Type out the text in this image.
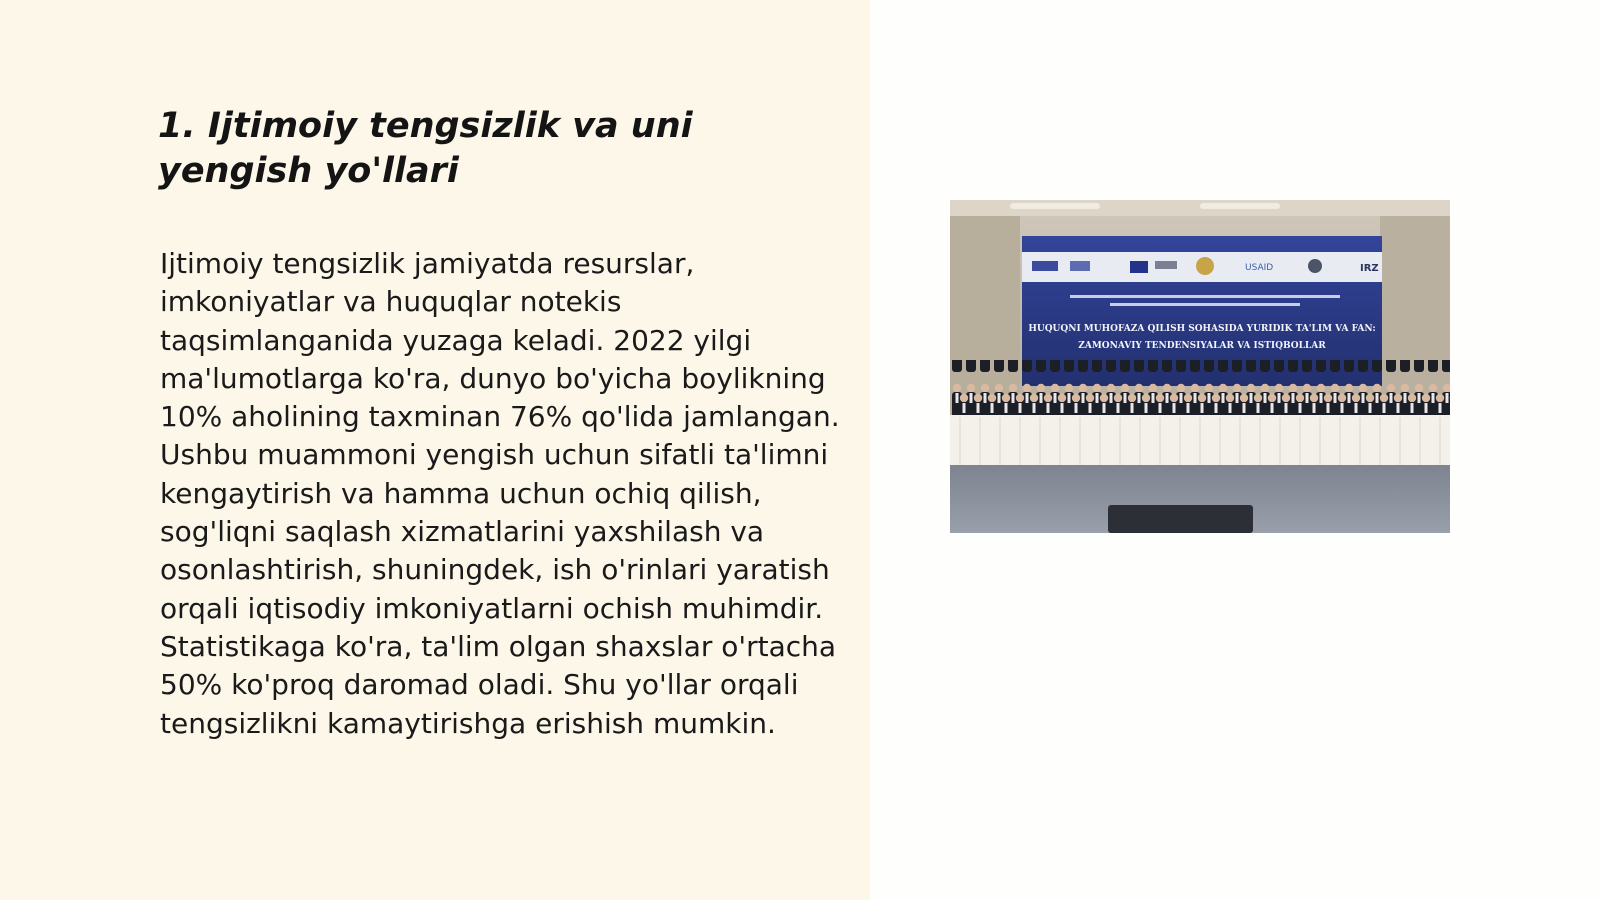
1. Ijtimoiy tengsizlik va uni yengish yo'llari

Ijtimoiy tengsizlik jamiyatda resurslar, imkoniyatlar va huquqlar notekis taqsimlanganida yuzaga keladi. 2022 yilgi ma'lumotlarga ko'ra, dunyo bo'yicha boylikning 10% aholining taxminan 76% qo'lida jamlangan. Ushbu muammoni yengish uchun sifatli ta'limni kengaytirish va hamma uchun ochiq qilish, sog'liqni saqlash xizmatlarini yaxshilash va osonlashtirish, shuningdek, ish o'rinlari yaratish orqali iqtisodiy imkoniyatlarni ochish muhimdir. Statistikaga ko'ra, ta'lim olgan shaxslar o'rtacha 50% ko'proq daromad oladi. Shu yo'llar orqali tengsizlikni kamaytirishga erishish mumkin.

USAID	IRZ
HUQUQNI MUHOFAZA QILISH SOHASIDA YURIDIK TA'LIM VA FAN:
ZAMONAVIY TENDENSIYALAR VA ISTIQBOLLAR
